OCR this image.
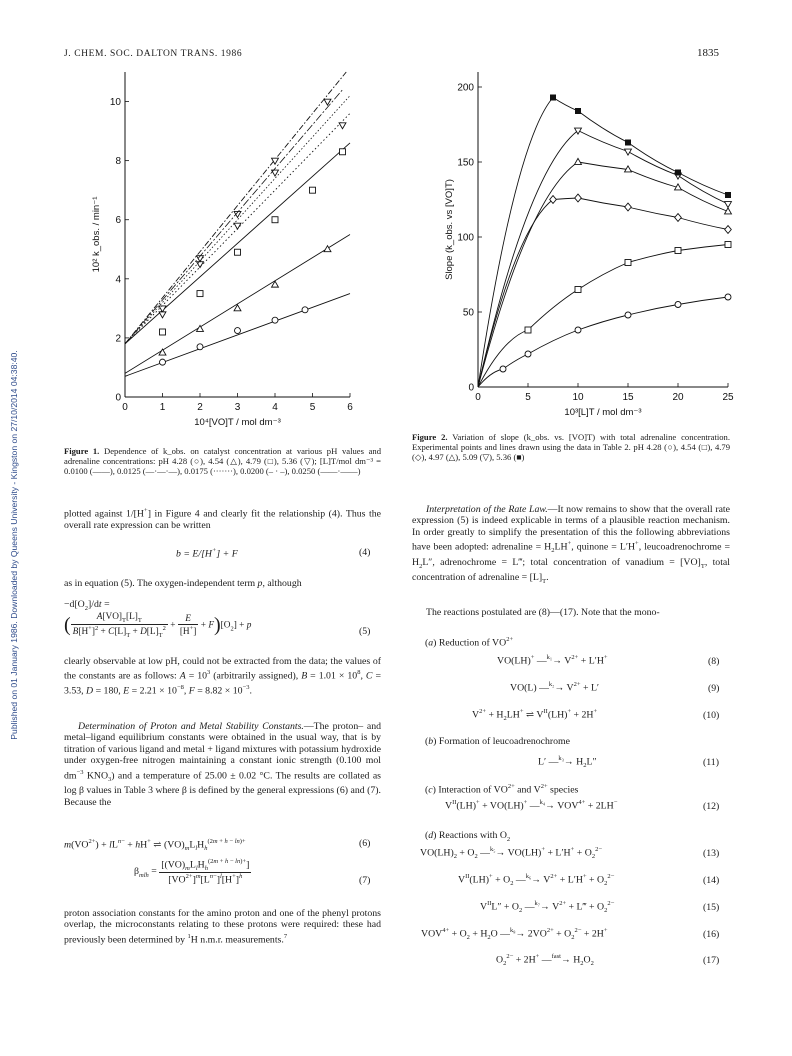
J. CHEM. SOC. DALTON TRANS. 1986	1835
Published on 01 January 1986. Downloaded by Queens University - Kingston on 27/10/2014 04:38:40.	0	1	2	3	4	5	6
0
2
4
6
8
10
10⁴[VO]T / mol dm⁻³
10² k_obs. / min⁻¹
0	5	10	15	20	25
0
50
100
150
200
10³[L]T / mol dm⁻³
Slope (k_obs. vs [VO]T)
Figure 1. Dependence of k_obs. on catalyst concentration at various pH values and adrenaline concentrations: pH 4.28 (○), 4.54 (△), 4.79 (□), 5.36 (▽); [L]T/mol dm⁻³ = 0.0100 (——), 0.0125 (—·—·—), 0.0175 (·······), 0.0200 (– · –), 0.0250 (——·——)
Figure 2. Variation of slope (k_obs. vs. [VO]T) with total adrenaline concentration. Experimental points and lines drawn using the data in Table 2. pH 4.28 (○), 4.54 (□), 4.79 (◇), 4.97 (△), 5.09 (▽), 5.36 (■)
plotted against 1/[H+] in Figure 4 and clearly fit the relationship (4). Thus the overall rate expression can be written
b = E/[H+] + F	(4)
as in equation (5). The oxygen-independent term p, although
$-d[O_2]/dt$ =
( $\frac{A[VO]_T[L]_T}{B[H^+]^2 + C[L]_T + D[L]_T^2} + \frac{E}{[H^+]} + F)[O_2] + p$
(5)
clearly observable at low pH, could not be extracted from the data; the values of the constants are as follows: $A = 10^3$ (arbitrarily assigned), $B = 1.01 \times 10^8$, C = 3.53, D = 180, $E = 2.21 \times 10^{-8}$, $F = 8.82 \times 10^{-3}$.
Determination of Proton and Metal Stability Constants.—The proton– and metal–ligand equilibrium constants were obtained in the usual way, that is by titration of various ligand and metal + ligand mixtures with potassium hydroxide under oxygen-free nitrogen maintaining a constant ionic strength (0.100 mol $dm^{-3}$ $KNO_3$) and a temperature of 25.00 ± 0.02 °C. The results are collated as log β values in Table 3 where β is defined by the general expressions (6) and (7). Because the
$m(VO^{2+}) + lL^{n-} + hH^+$ ⇌ $(VO)_mL_lH_h^{(2m + h - ln)+}$	(6)
$\beta_{mlh} = \frac{[(VO)_mL_lH_h^{(2m + h - ln)+}]}{[VO^{2+}]^m[L^{n-}]^l[H^+]^h}$	(7)
proton association constants for the amino proton and one of the phenyl protons overlap, the microconstants relating to these protons were required: these had previously been determined by $^1$H n.m.r. measurements.$^7$
Interpretation of the Rate Law.—It now remains to show that the overall rate expression (5) is indeed explicable in terms of a plausible reaction mechanism. In order greatly to simplify the presentation of this the following abbreviations have been adopted: adrenaline = $H_2LH^+$, quinone = L′H+, leucoadrenochrome = $H_2L''$, adrenochrome = L‴; total concentration of vanadium = $[VO]_T$, total concentration of adrenaline = $[L]_T$.
The reactions postulated are (8)—(17). Note that the mono-
(a) Reduction of $VO^{2+}$
VO(LH)+ —$^{k_1}$→ $V^{2+} + L'H^+$	(8)
VO(L) —$^{k_2}$→ $V^{2+} + L'$	(9)
$V^{2+} + H_2LH^+$ ⇌ $V^{II}(LH)^+ + 2H^+$	(10)
(b) Formation of leucoadrenochrome
L′ —$^{k_3}$→ $H_2L''$	(11)
(c) Interaction of $VO^{2+}$ and $V^{2+}$ species
$V^{II}(LH)^+ + VO(LH)^+$ —$^{k_4}$→ $VOV^{4+} + 2LH^-$	(12)
(d) Reactions with $O_2$
$VO(LH)_2 + O_2$ —$^{k_5}$→ $VO(LH)^+ + L'H^+ + O_2^{2-}$	(13)
$V^{II}(LH)^+ + O_2$ —$^{k_6}$→ $V^{2+} + L'H^+ + O_2^{2-}$	(14)
$V^{II}L'' + O_2$ —$^{k_7}$→ $V^{2+}$ + L‴ + $O_2^{2-}$	(15)
$VOV^{4+} + O_2 + H_2O$ —$^{k_8}$→ $2VO^{2+} + O_2^{2-} + 2H^+$	(16)
$O_2^{2-} + 2H^+$ —$^{fast}$→ $H_2O_2$	(17)
